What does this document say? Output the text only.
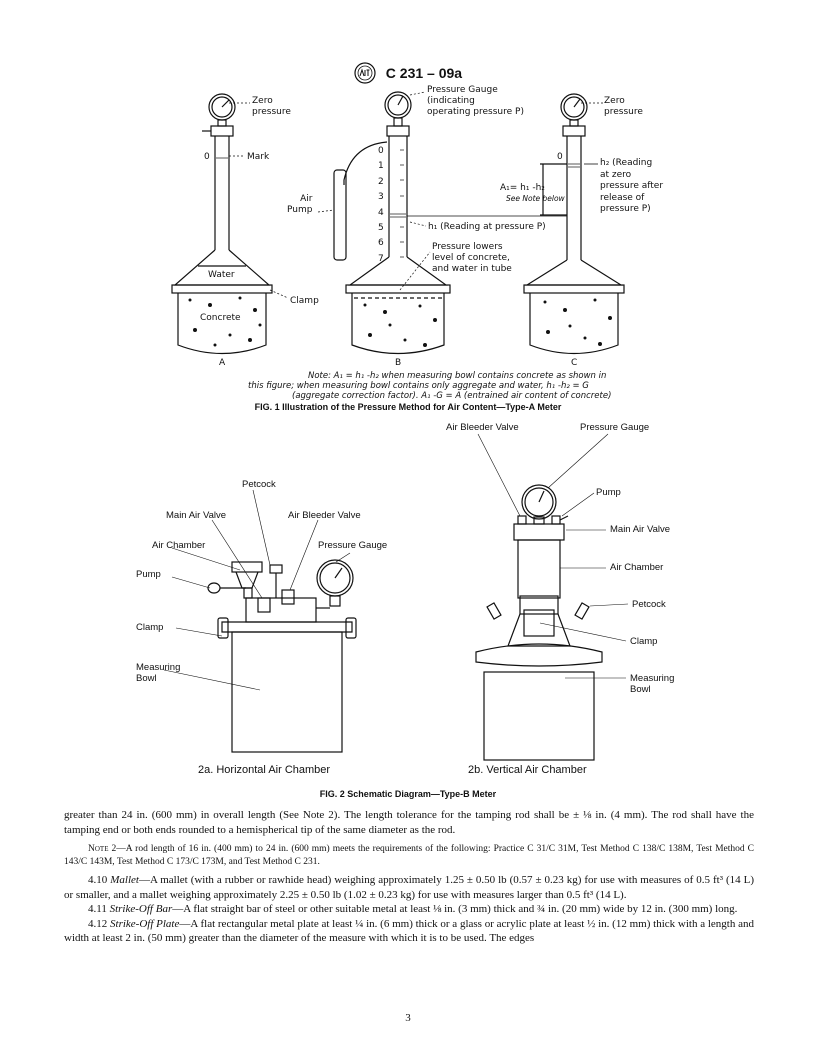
C 231 – 09a
Zero
pressure
0	Mark
Water
Concrete
Clamp
A
Pressure Gauge
(indicating
operating pressure P)
Air
Pump
0
1
2
3
4
5
6
7
h₁ (Reading at pressure P)
Pressure lowers
level of concrete,
and water in tube
B
Zero
pressure
0
h₂ (Reading
at zero
pressure after
release of
pressure P)
A₁= h₁ -h₂
See Note below
C
Note: A₁ = h₁ -h₂ when measuring bowl contains concrete as shown in
this figure; when measuring bowl contains only aggregate and water, h₁ -h₂ = G
(aggregate correction factor). A₁ -G = A (entrained air content of concrete)
FIG. 1 Illustration of the Pressure Method for Air Content—Type-A Meter
Petcock
Main Air Valve	Air Bleeder Valve
Air Chamber	Pressure Gauge
Pump
Clamp
Measuring
Bowl
Air Bleeder Valve	Pressure Gauge
Pump
Main Air Valve
Air Chamber
Petcock
Clamp
Measuring
Bowl
2a. Horizontal Air Chamber	2b. Vertical Air Chamber
FIG. 2 Schematic Diagram—Type-B Meter

greater than 24 in. (600 mm) in overall length (See Note 2). The length tolerance for the tamping rod shall be ± ⅛ in. (4 mm). The rod shall have the tamping end or both ends rounded to a hemispherical tip of the same diameter as the rod.

Note 2—A rod length of 16 in. (400 mm) to 24 in. (600 mm) meets the requirements of the following: Practice C 31/C 31M, Test Method C 138/C 138M, Test Method C 143/C 143M, Test Method C 173/C 173M, and Test Method C 231.

4.10 Mallet—A mallet (with a rubber or rawhide head) weighing approximately 1.25 ± 0.50 lb (0.57 ± 0.23 kg) for use with measures of 0.5 ft³ (14 L) or smaller, and a mallet weighing approximately 2.25 ± 0.50 lb (1.02 ± 0.23 kg) for use with measures larger than 0.5 ft³ (14 L).

4.11 Strike-Off Bar—A flat straight bar of steel or other suitable metal at least ⅛ in. (3 mm) thick and ¾ in. (20 mm) wide by 12 in. (300 mm) long.

4.12 Strike-Off Plate—A flat rectangular metal plate at least ¼ in. (6 mm) thick or a glass or acrylic plate at least ½ in. (12 mm) thick with a length and width at least 2 in. (50 mm) greater than the diameter of the measure with which it is to be used. The edges

3
